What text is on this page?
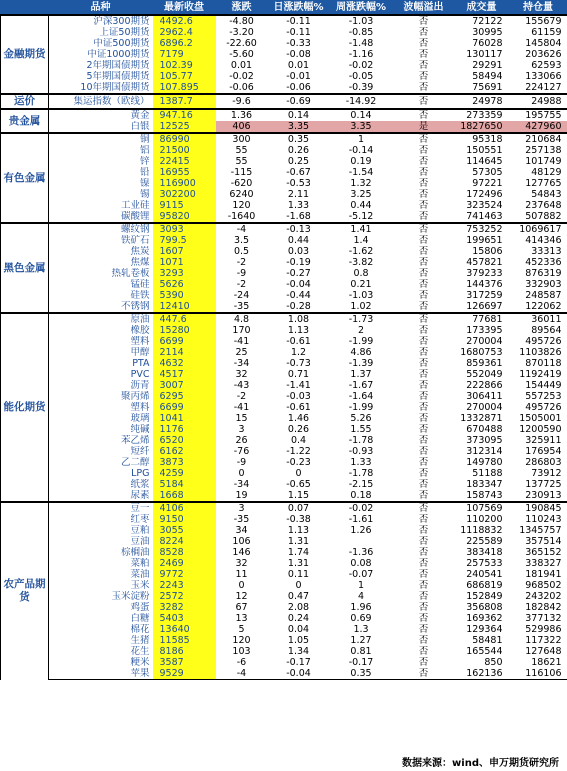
	品种	最新收盘	涨跌	日涨跌幅%	周涨跌幅%	波幅溢出	成交量	持仓量
金融期货	沪深300期货	4492.6	-4.80	-0.11	-1.03	否	72122	155679
	上证50期货	2962.4	-3.20	-0.11	-0.85	否	30995	61159
	中证500期货	6896.2	-22.60	-0.33	-1.48	否	76028	145804
	中证1000期货	7179	-5.60	-0.08	-1.16	否	130117	203626
	2年期国债期货	102.39	0.01	0.01	-0.02	否	29291	62593
	5年期国债期货	105.77	-0.02	-0.01	-0.05	否	58494	133066
	10年期国债期货	107.895	-0.06	-0.06	-0.39	否	75691	224127
运价	集运指数（欧线）	1387.7	-9.6	-0.69	-14.92	否	24978	24988
贵金属	黄金	947.16	1.36	0.14	0.14	否	273359	195755
	白银	12525	406	3.35	3.35	是	1827650	427960
有色金属	铜	86990	300	0.35	1	否	95318	210684
	铝	21500	55	0.26	-0.14	否	150551	257138
	锌	22415	55	0.25	0.19	否	114645	101749
	铅	16955	-115	-0.67	-1.54	否	57305	48129
	镍	116900	-620	-0.53	1.32	否	97221	127765
	锡	302200	6240	2.11	3.25	否	172496	54843
	工业硅	9115	120	1.33	0.44	否	323524	237648
	碳酸锂	95820	-1640	-1.68	-5.12	否	741463	507882
黑色金属	螺纹钢	3093	-4	-0.13	1.41	否	753252	1069617
	铁矿石	799.5	3.5	0.44	1.4	否	199651	414346
	焦炭	1607	0.5	0.03	-1.62	否	15806	33313
	焦煤	1071	-2	-0.19	-3.82	否	457821	452336
	热轧卷板	3293	-9	-0.27	0.8	否	379233	876319
	锰硅	5626	-2	-0.04	0.21	否	144376	332903
	硅铁	5390	-24	-0.44	-1.03	否	317259	248587
	不锈钢	12410	-35	-0.28	1.02	否	126697	122062
能化期货	原油	447.6	4.8	1.08	-1.73	否	77681	36011
	橡胶	15280	170	1.13	2	否	173395	89564
	塑料	6699	-41	-0.61	-1.99	否	270004	495726
	甲醇	2114	25	1.2	4.86	否	1680753	1103826
	PTA	4632	-34	-0.73	-1.39	否	859361	870118
	PVC	4517	32	0.71	1.37	否	552049	1192419
	沥青	3007	-43	-1.41	-1.67	否	222866	154449
	聚丙烯	6295	-2	-0.03	-1.64	否	306411	557253
	塑料	6699	-41	-0.61	-1.99	否	270004	495726
	玻璃	1041	15	1.46	5.26	否	1332871	1505001
	纯碱	1176	3	0.26	1.55	否	670488	1200590
	苯乙烯	6520	26	0.4	-1.78	否	373095	325911
	短纤	6162	-76	-1.22	-0.93	否	312314	176954
	乙二醇	3873	-9	-0.23	1.33	否	149780	286803
	LPG	4259	0	0	-1.78	否	51188	73912
	纸浆	5184	-34	-0.65	-2.15	否	183347	137725
	尿素	1668	19	1.15	0.18	否	158743	230913
农产品期货	豆一	4106	3	0.07	-0.02	否	107569	190845
	红枣	9150	-35	-0.38	-1.61	否	110200	110243
	豆粕	3055	34	1.13	1.26	否	1118832	1345757
	豆油	8224	106	1.31		否	225589	357514
	棕榈油	8528	146	1.74	-1.36	否	383418	365152
	菜粕	2469	32	1.31	0.08	否	257533	338327
	菜油	9772	11	0.11	-0.07	否	240541	181941
	玉米	2243	0	0	1	否	686819	968502
	玉米淀粉	2572	12	0.47	4	否	152849	243202
	鸡蛋	3282	67	2.08	1.96	否	356808	182842
	白糖	5403	13	0.24	0.69	否	169362	377132
	棉花	13640	5	0.04	1.3	否	129364	529986
	生猪	11585	120	1.05	1.27	否	58481	117322
	花生	8186	103	1.34	0.81	否	165544	127648
	粳米	3587	-6	-0.17	-0.17	否	850	18621
	苹果	9529	-4	-0.04	0.35	否	162136	116106
数据来源：wind、申万期货研究所
